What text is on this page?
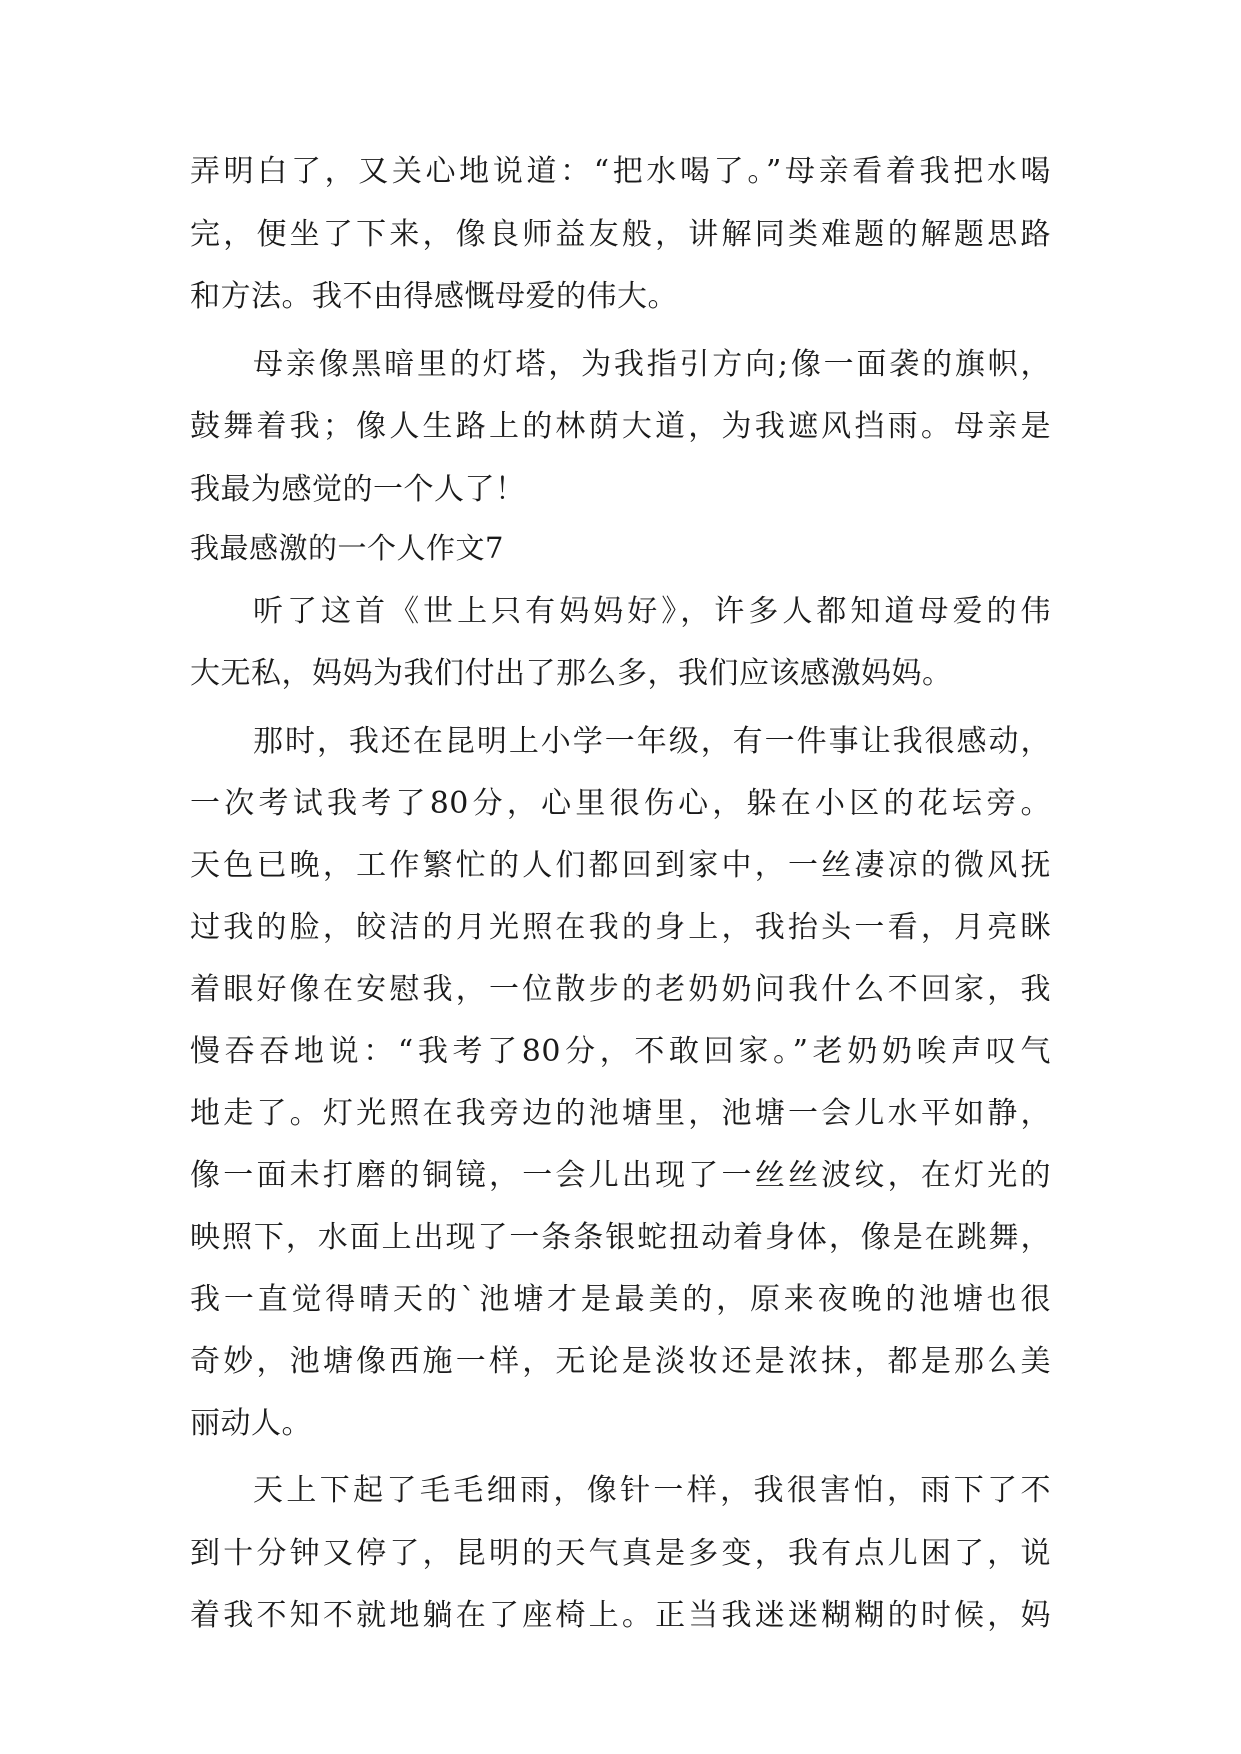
弄明白了，又关心地说道：“把水喝了。”母亲看着我把水喝
完，便坐了下来，像良师益友般，讲解同类难题的解题思路
和方法。我不由得感慨母爱的伟大。
母亲像黑暗里的灯塔，为我指引方向;像一面袭的旗帜，
鼓舞着我；像人生路上的林荫大道，为我遮风挡雨。母亲是
我最为感觉的一个人了！
我最感激的一个人作文7
听了这首《世上只有妈妈好》，许多人都知道母爱的伟
大无私，妈妈为我们付出了那么多，我们应该感激妈妈。
那时，我还在昆明上小学一年级，有一件事让我很感动，
一次考试我考了80分，心里很伤心，躲在小区的花坛旁。
天色已晚，工作繁忙的人们都回到家中，一丝凄凉的微风抚
过我的脸，皎洁的月光照在我的身上，我抬头一看，月亮眯
着眼好像在安慰我，一位散步的老奶奶问我什么不回家，我
慢吞吞地说：“我考了80分，不敢回家。”老奶奶唉声叹气
地走了。灯光照在我旁边的池塘里，池塘一会儿水平如静，
像一面未打磨的铜镜，一会儿出现了一丝丝波纹，在灯光的
映照下，水面上出现了一条条银蛇扭动着身体，像是在跳舞，
我一直觉得晴天的`池塘才是最美的，原来夜晚的池塘也很
奇妙，池塘像西施一样，无论是淡妆还是浓抹，都是那么美
丽动人。
天上下起了毛毛细雨，像针一样，我很害怕，雨下了不
到十分钟又停了，昆明的天气真是多变，我有点儿困了，说
着我不知不就地躺在了座椅上。正当我迷迷糊糊的时候，妈
